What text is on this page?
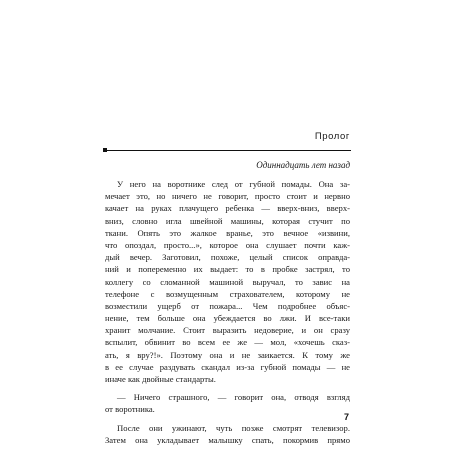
Пролог
Одиннадцать лет назад
У него на воротнике след от губной помады. Она за-
мечает это, но ничего не говорит, просто стоит и нервно
качает на руках плачущего ребенка — вверх-вниз, вверх-
вниз, словно игла швейной машины, которая стучит по
ткани. Опять это жалкое вранье, это вечное «извини,
что опоздал, просто...», которое она слушает почти каж-
дый вечер. Заготовил, похоже, целый список оправда-
ний и попеременно их выдает: то в пробке застрял, то
коллегу со сломанной машиной выручал, то завис на
телефоне с возмущенным страхователем, которому не
возместили ущерб от пожара... Чем подробнее объяс-
нение, тем больше она убеждается во лжи. И все-таки
хранит молчание. Стоит выразить недоверие, и он сразу
вспылит, обвинит во всем ее же — мол, «хочешь сказ-
ать, я вру?!». Поэтому она и не заикается. К тому же
в ее случае раздувать скандал из-за губной помады — не
иначе как двойные стандарты.
— Ничего страшного, — говорит она, отводя взгляд
от воротника.
После они ужинают, чуть позже смотрят телевизор.
Затем она укладывает малышку спать, покормив прямо
7
